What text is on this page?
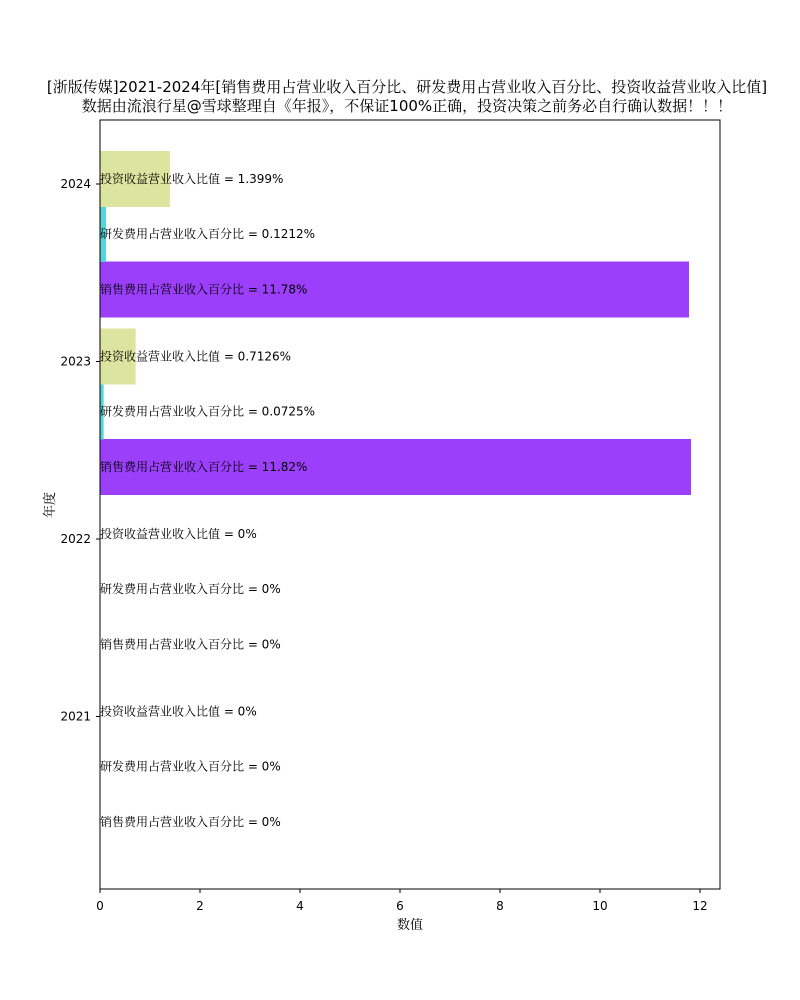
[浙版传媒]2021-2024年[销售费用占营业收入百分比、研发费用占营业收入百分比、投资收益营业收入比值]
数据由流浪行星@雪球整理自《年报》，不保证100%正确，投资决策之前务必自行确认数据！！！
销售费用占营业收入百分比 = 0%
研发费用占营业收入百分比 = 0%
投资收益营业收入比值 = 0%
销售费用占营业收入百分比 = 0%
研发费用占营业收入百分比 = 0%
投资收益营业收入比值 = 0%
销售费用占营业收入百分比 = 11.82%
研发费用占营业收入百分比 = 0.0725%
投资收益营业收入比值 = 0.7126%
销售费用占营业收入百分比 = 11.78%
研发费用占营业收入百分比 = 0.1212%
投资收益营业收入比值 = 1.399%
2021
2022
2023
2024
0	2	4	6	8	10	12
数值
年度
